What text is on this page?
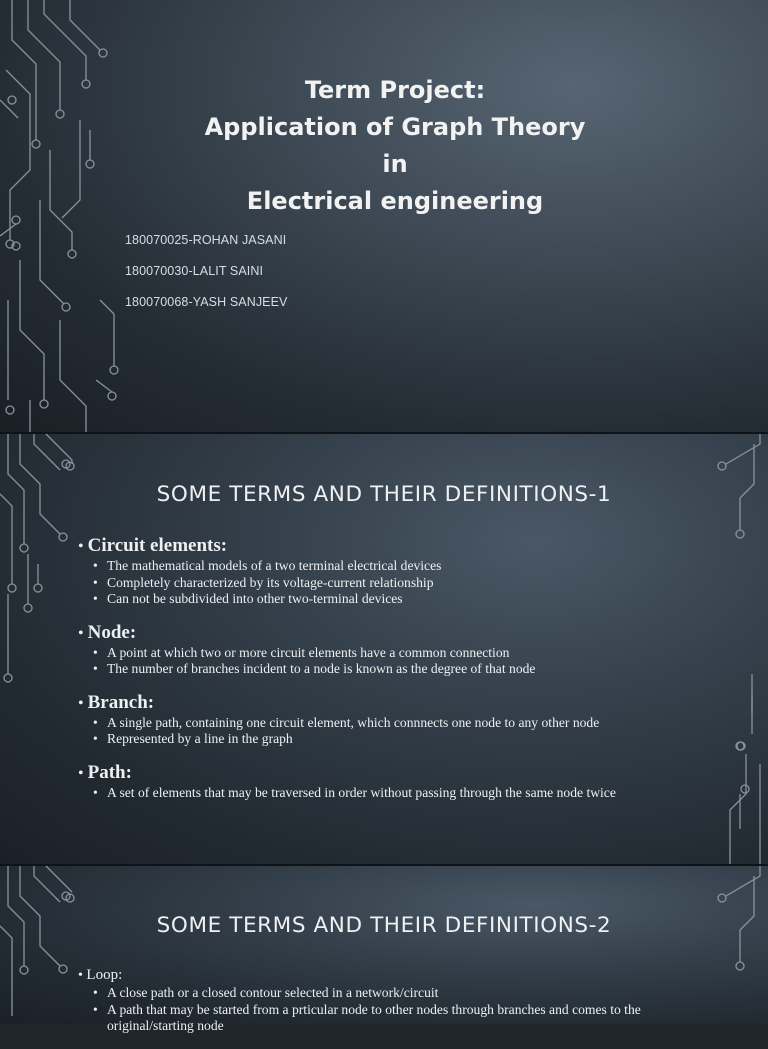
Term Project:
Application of Graph Theory
in
Electrical engineering
180070025-ROHAN JASANI
180070030-LALIT SAINI
180070068-YASH SANJEEV
SOME TERMS AND THEIR DEFINITIONS-1

• Circuit elements:

• The mathematical models of a two terminal electrical devices
• Completely characterized by its voltage-current relationship
• Can not be subdivided into other two-terminal devices

• Node:

• A point at which two or more circuit elements have a common connection
• The number of branches incident to a node is known as the degree of that node

• Branch:

• A single path, containing one circuit element, which connnects one node to any other node
• Represented by a line in the graph

• Path:

• A set of elements that may be traversed in order without passing through the same node twice
SOME TERMS AND THEIR DEFINITIONS-2

• Loop:

• A close path or a closed contour selected in a network/circuit
• A path that may be started from a prticular node to other nodes through branches and comes to the original/starting node
